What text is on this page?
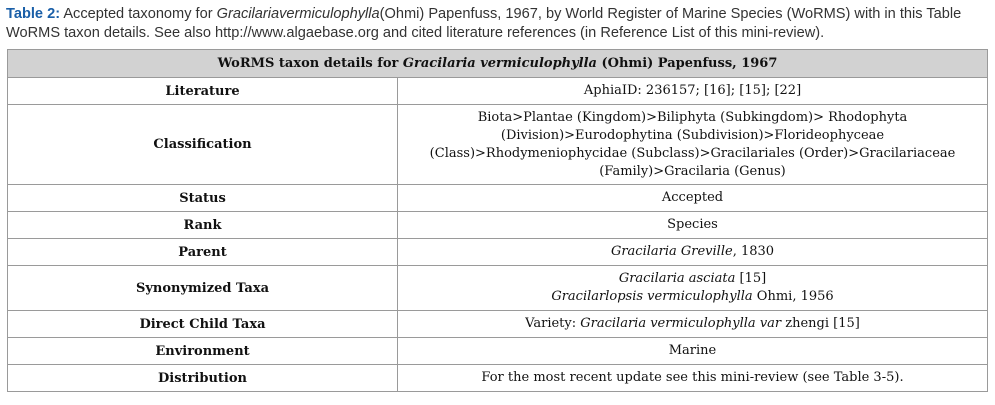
Table 2: Accepted taxonomy for Gracilariavermiculophylla(Ohmi) Papenfuss, 1967, by World Register of Marine Species (WoRMS) with in this Table WoRMS taxon details. See also http://www.algaebase.org and cited literature references (in Reference List of this mini-review).
WoRMS taxon details for Gracilaria vermiculophylla (Ohmi) Papenfuss, 1967	
Literature	AphiaID: 236157; [16]; [15]; [22]
Classification	Biota>Plantae (Kingdom)>Biliphyta (Subkingdom)> Rhodophyta
(Division)>Eurodophytina (Subdivision)>Florideophyceae
(Class)>Rhodymeniophycidae (Subclass)>Gracilariales (Order)>Gracilariaceae
(Family)>Gracilaria (Genus)
Status	Accepted
Rank	Species
Parent	Gracilaria Greville, 1830
Synonymized Taxa	Gracilaria asciata [15]
Gracilarlopsis vermiculophylla Ohmi, 1956
Direct Child Taxa	Variety: Gracilaria vermiculophylla var zhengi [15]
Environment	Marine
Distribution	For the most recent update see this mini-review (see Table 3-5).
